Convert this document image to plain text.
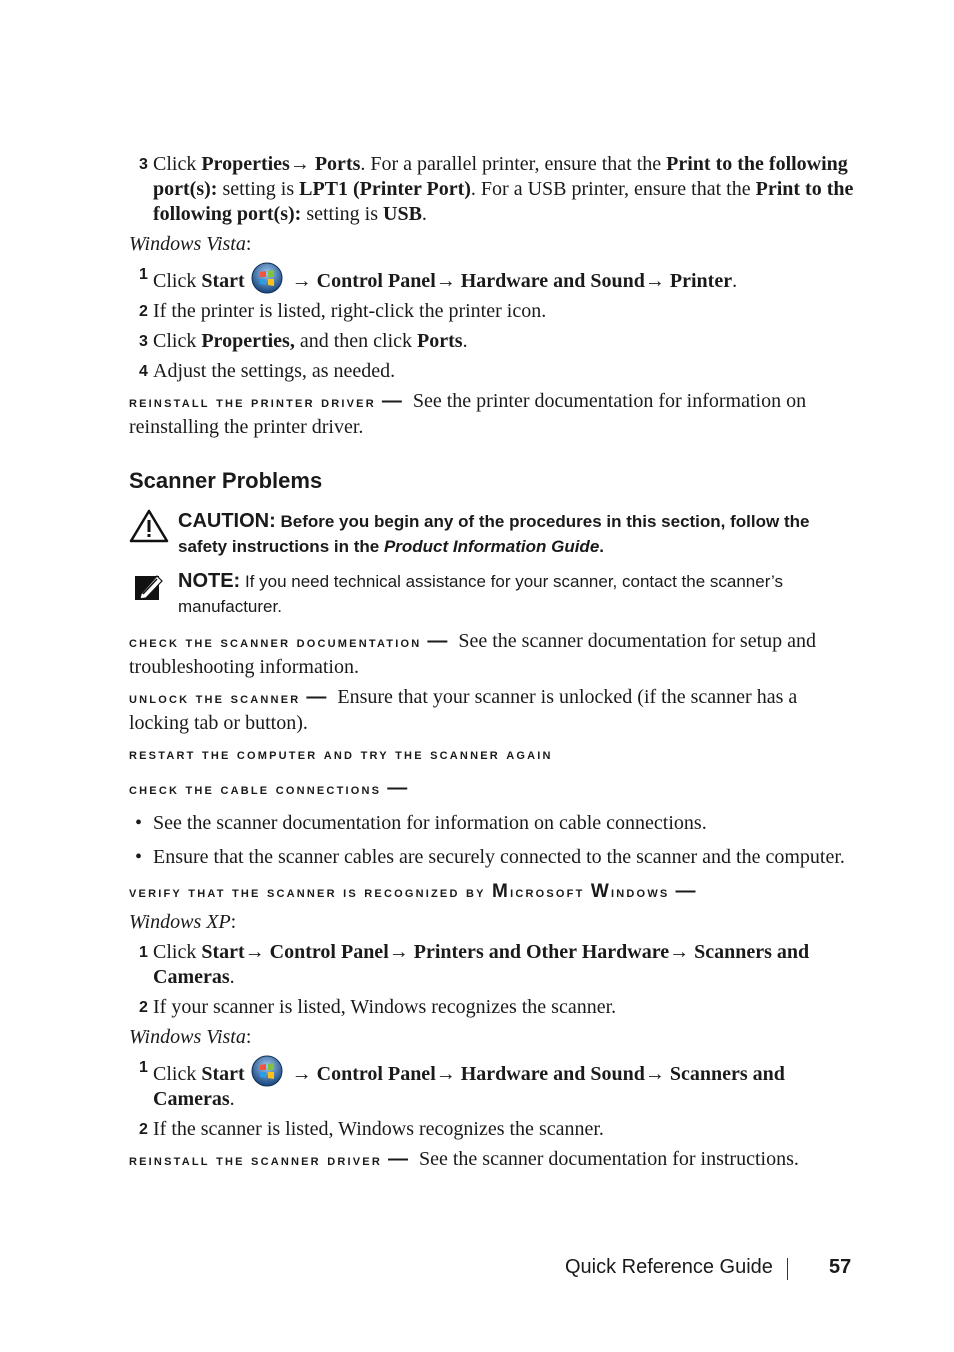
3 Click Properties→ Ports. For a parallel printer, ensure that the Print to the following port(s): setting is LPT1 (Printer Port). For a USB printer, ensure that the Print to the following port(s): setting is USB.
Windows Vista:
1 Click Start → Control Panel→ Hardware and Sound→ Printer.
2 If the printer is listed, right-click the printer icon.
3 Click Properties, and then click Ports.
4 Adjust the settings, as needed.
reinstall the printer driver — See the printer documentation for information on reinstalling the printer driver.
Scanner Problems
CAUTION: Before you begin any of the procedures in this section, follow the safety instructions in the Product Information Guide.
NOTE: If you need technical assistance for your scanner, contact the scanner’s manufacturer.
check the scanner documentation — See the scanner documentation for setup and troubleshooting information.
unlock the scanner — Ensure that your scanner is unlocked (if the scanner has a locking tab or button).
restart the computer and try the scanner again
check the cable connections —
• See the scanner documentation for information on cable connections.
• Ensure that the scanner cables are securely connected to the scanner and the computer.
verify that the scanner is recognized by Microsoft Windows —
Windows XP:
1 Click Start→ Control Panel→ Printers and Other Hardware→ Scanners and Cameras.
2 If your scanner is listed, Windows recognizes the scanner.
Windows Vista:
1 Click Start → Control Panel→ Hardware and Sound→ Scanners and Cameras.
2 If the scanner is listed, Windows recognizes the scanner.
reinstall the scanner driver — See the scanner documentation for instructions.
Quick Reference Guide	57
